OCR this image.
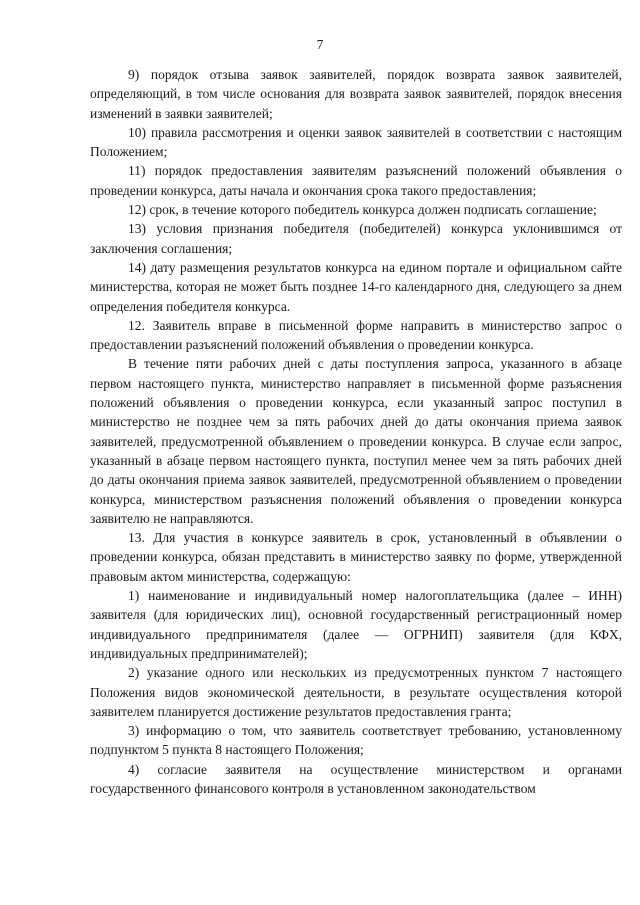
7

9) порядок отзыва заявок заявителей, порядок возврата заявок заявителей, определяющий, в том числе основания для возврата заявок заявителей, порядок внесения изменений в заявки заявителей;

10) правила рассмотрения и оценки заявок заявителей в соответствии с настоящим Положением;

11) порядок предоставления заявителям разъяснений положений объявления о проведении конкурса, даты начала и окончания срока такого предоставления;

12) срок, в течение которого победитель конкурса должен подписать соглашение;

13) условия признания победителя (победителей) конкурса уклонившимся от заключения соглашения;

14) дату размещения результатов конкурса на едином портале и официальном сайте министерства, которая не может быть позднее 14-го календарного дня, следующего за днем определения победителя конкурса.

12. Заявитель вправе в письменной форме направить в министерство запрос о предоставлении разъяснений положений объявления о проведении конкурса.

В течение пяти рабочих дней с даты поступления запроса, указанного в абзаце первом настоящего пункта, министерство направляет в письменной форме разъяснения положений объявления о проведении конкурса, если указанный запрос поступил в министерство не позднее чем за пять рабочих дней до даты окончания приема заявок заявителей, предусмотренной объявлением о проведении конкурса. В случае если запрос, указанный в абзаце первом настоящего пункта, поступил менее чем за пять рабочих дней до даты окончания приема заявок заявителей, предусмотренной объявлением о проведении конкурса, министерством разъяснения положений объявления о проведении конкурса заявителю не направляются.

13. Для участия в конкурсе заявитель в срок, установленный в объявлении о проведении конкурса, обязан представить в министерство заявку по форме, утвержденной правовым актом министерства, содержащую:

1) наименование и индивидуальный номер налогоплательщика (далее – ИНН) заявителя (для юридических лиц), основной государственный регистрационный номер индивидуального предпринимателя (далее — ОГРНИП) заявителя (для КФХ, индивидуальных предпринимателей);

2) указание одного или нескольких из предусмотренных пунктом 7 настоящего Положения видов экономической деятельности, в результате осуществления которой заявителем планируется достижение результатов предоставления гранта;

3) информацию о том, что заявитель соответствует требованию, установленному подпунктом 5 пункта 8 настоящего Положения;

4) согласие заявителя на осуществление министерством и органами государственного финансового контроля в установленном законодательством
